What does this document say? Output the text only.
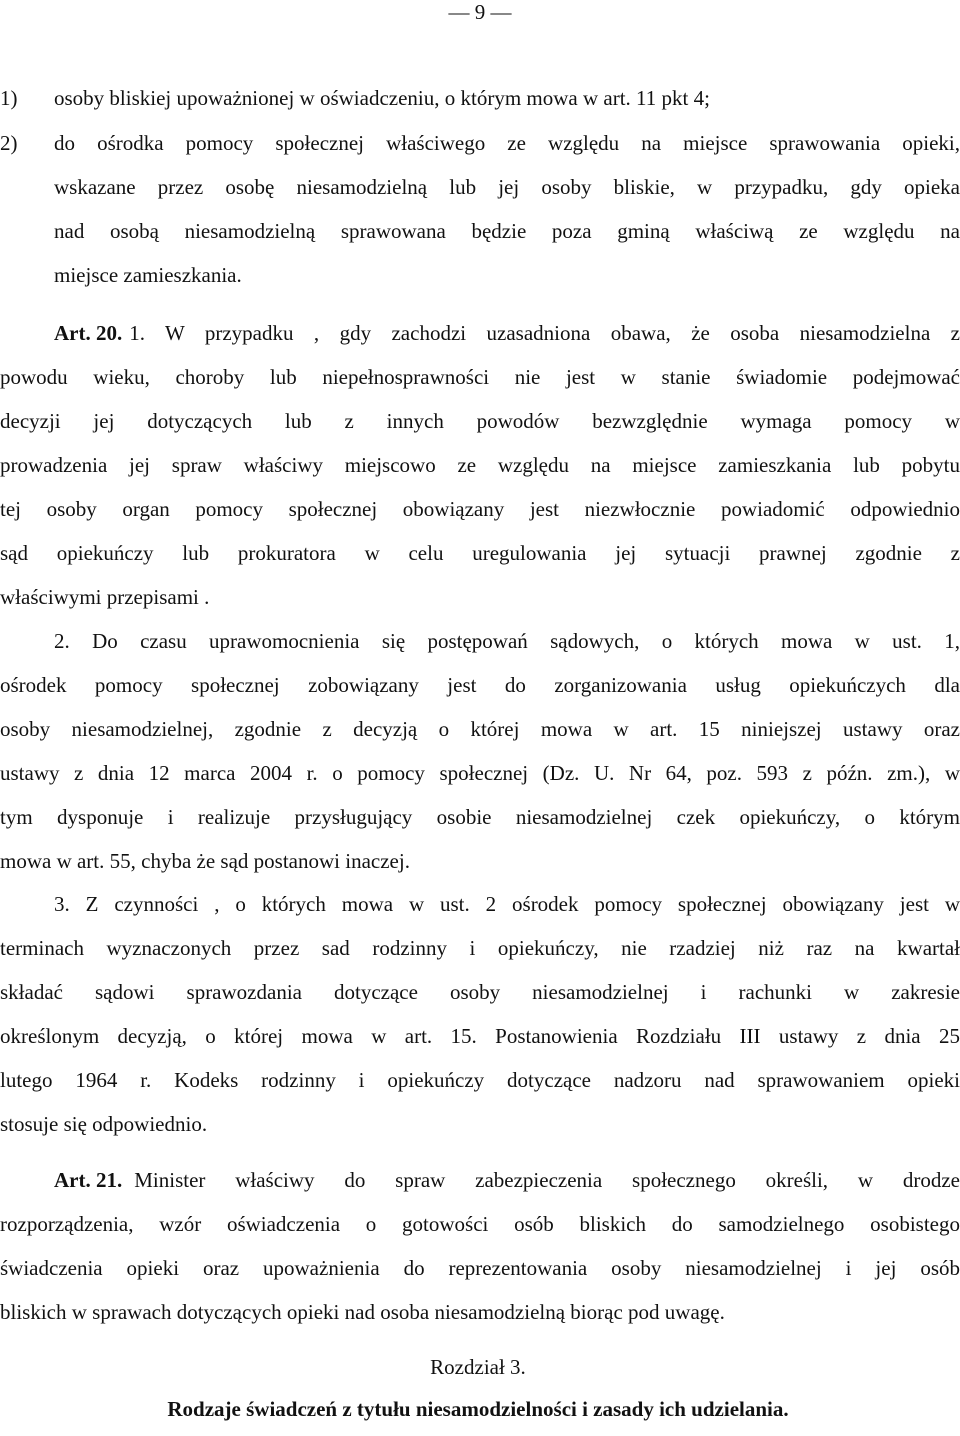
— 9 —
1) osoby bliskiej upoważnionej w oświadczeniu, o którym mowa w art. 11 pkt 4;
2) do ośrodka pomocy społecznej właściwego ze względu na miejsce sprawowania opieki,
wskazane przez osobę niesamodzielną lub jej osoby bliskie, w przypadku, gdy opieka
nad osobą niesamodzielną sprawowana będzie poza gminą właściwą ze względu na
miejsce zamieszkania.
Art. 20. 1. W przypadku , gdy zachodzi uzasadniona obawa, że osoba niesamodzielna z
powodu wieku, choroby lub niepełnosprawności nie jest w stanie świadomie podejmować
decyzji jej dotyczących lub z innych powodów bezwzględnie wymaga pomocy w
prowadzenia jej spraw właściwy miejscowo ze względu na miejsce zamieszkania lub pobytu
tej osoby organ pomocy społecznej obowiązany jest niezwłocznie powiadomić odpowiednio
sąd opiekuńczy lub prokuratora w celu uregulowania jej sytuacji prawnej zgodnie z
właściwymi przepisami .
2. Do czasu uprawomocnienia się postępowań sądowych, o których mowa w ust. 1,
ośrodek pomocy społecznej zobowiązany jest do zorganizowania usług opiekuńczych dla
osoby niesamodzielnej, zgodnie z decyzją o której mowa w art. 15 niniejszej ustawy oraz
ustawy z dnia 12 marca 2004 r. o pomocy społecznej (Dz. U. Nr 64, poz. 593 z późn. zm.), w
tym dysponuje i realizuje przysługujący osobie niesamodzielnej czek opiekuńczy, o którym
mowa w art. 55, chyba że sąd postanowi inaczej.
3. Z czynności , o których mowa w ust. 2 ośrodek pomocy społecznej obowiązany jest w
terminach wyznaczonych przez sad rodzinny i opiekuńczy, nie rzadziej niż raz na kwartał
składać sądowi sprawozdania dotyczące osoby niesamodzielnej i rachunki w zakresie
określonym decyzją, o której mowa w art. 15. Postanowienia Rozdziału III ustawy z dnia 25
lutego 1964 r. Kodeks rodzinny i opiekuńczy dotyczące nadzoru nad sprawowaniem opieki
stosuje się odpowiednio.
Art. 21. Minister właściwy do spraw zabezpieczenia społecznego określi, w drodze
rozporządzenia, wzór oświadczenia o gotowości osób bliskich do samodzielnego osobistego
świadczenia opieki oraz upoważnienia do reprezentowania osoby niesamodzielnej i jej osób
bliskich w sprawach dotyczących opieki nad osoba niesamodzielną biorąc pod uwagę.
Rozdział 3.
Rodzaje świadczeń z tytułu niesamodzielności i zasady ich udzielania.
